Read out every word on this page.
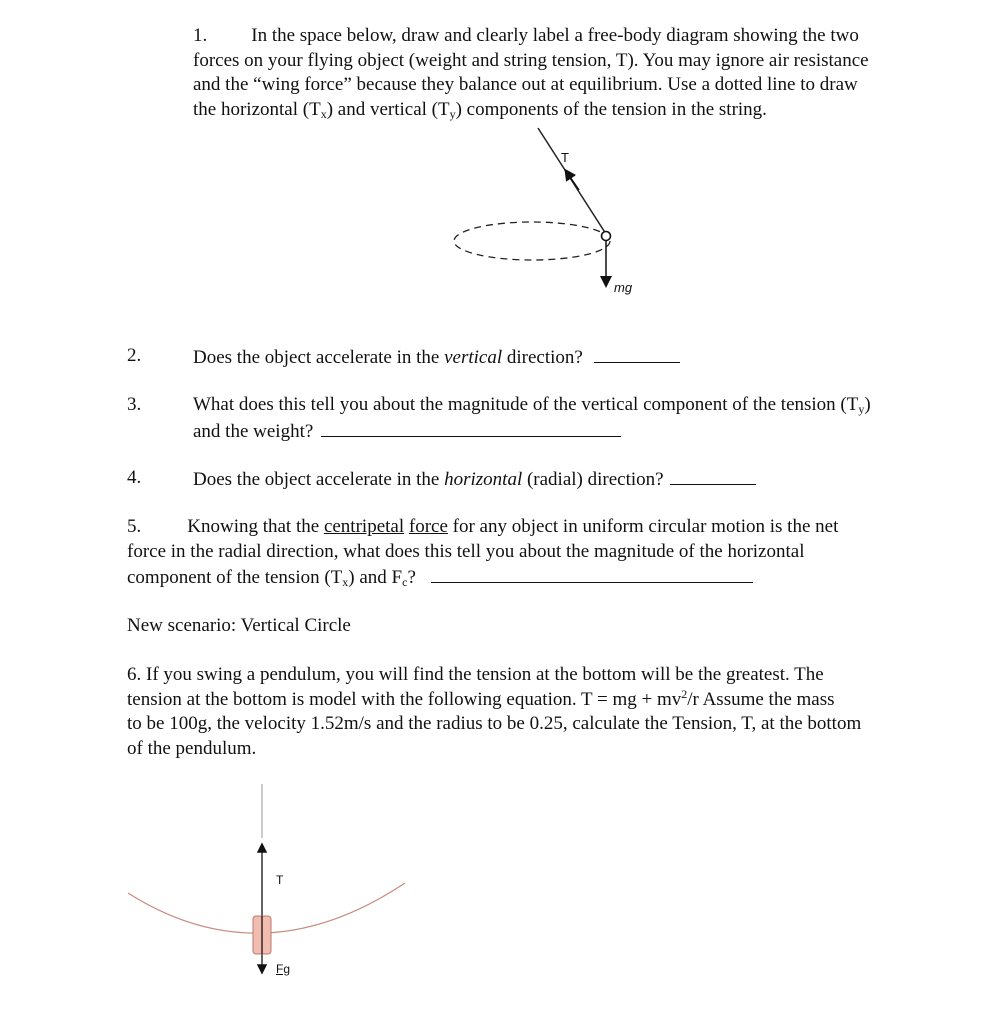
1. In the space below, draw and clearly label a free-body diagram showing the two
forces on your flying object (weight and string tension, T). You may ignore air resistance
and the “wing force” because they balance out at equilibrium. Use a dotted line to draw
the horizontal $(T_x)$ and vertical $(T_y)$ components of the tension in the string.
T
mg
2.	Does the object accelerate in the vertical direction?
3.	What does this tell you about the magnitude of the vertical component of the tension $(T_y)$
and the weight?
4.	Does the object accelerate in the horizontal (radial) direction?
5. Knowing that the centripetal force for any object in uniform circular motion is the net
force in the radial direction, what does this tell you about the magnitude of the horizontal
component of the tension $(T_x)$ and $F_c$?
New scenario: Vertical Circle
6. If you swing a pendulum, you will find the tension at the bottom will be the greatest. The
tension at the bottom is model with the following equation. T = mg + $mv^2/r$ Assume the mass
to be 100g, the velocity 1.52m/s and the radius to be 0.25, calculate the Tension, T, at the bottom
of the pendulum.
T
Fg
